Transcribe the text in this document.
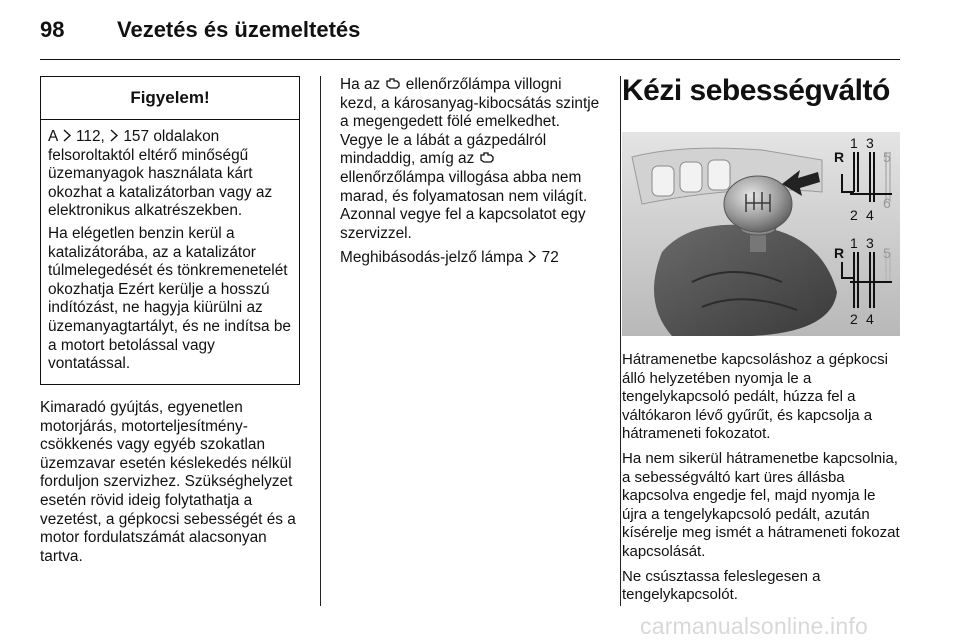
98 Vezetés és üzemeltetés
Figyelem!

A  112, 157 oldalakon felsoroltaktól eltérő minőségű üzemanyagok használata kárt okozhat a katalizátorban vagy az elektronikus alkatrészekben.

Ha elégetlen benzin kerül a katalizátorába, az a katalizátor túlmelegedését és tönkremenetelét okozhatja Ezért kerülje a hosszú indítózást, ne hagyja kiürülni az üzemanyagtartályt, és ne indítsa be a motort betolással vagy vontatással.

Kimaradó gyújtás, egyenetlen motorjárás, motorteljesítmény-csökkenés vagy egyéb szokatlan üzemzavar esetén késlekedés nélkül forduljon szervizhez. Szükséghelyzet esetén rövid ideig folytathatja a vezetést, a gépkocsi sebességét és a motor fordulatszámát alacsonyan tartva.

Ha az ellenőrzőlámpa villogni kezd, a károsanyag-kibocsátás szintje a megengedett fölé emelkedhet. Vegye le a lábát a gázpedálról mindaddig, amíg az  ellenőrzőlámpa villogása abba nem marad, és folyamatosan nem világít. Azonnal vegye fel a kapcsolatot egy szervizzel.

Meghibásodás-jelző lámpa 72

Kézi sebességváltó
R
1 3
5
2 4
6
R
1 3
5
2 4

Hátramenetbe kapcsoláshoz a gépkocsi álló helyzetében nyomja le a tengelykapcsoló pedált, húzza fel a váltókaron lévő gyűrűt, és kapcsolja a hátrameneti fokozatot.

Ha nem sikerül hátramenetbe kapcsolnia, a sebességváltó kart üres állásba kapcsolva engedje fel, majd nyomja le újra a tengelykapcsoló pedált, azután kísérelje meg ismét a hátrameneti fokozat kapcsolását.

Ne csúsztassa feleslegesen a tengelykapcsolót.

carmanualsonline.info
